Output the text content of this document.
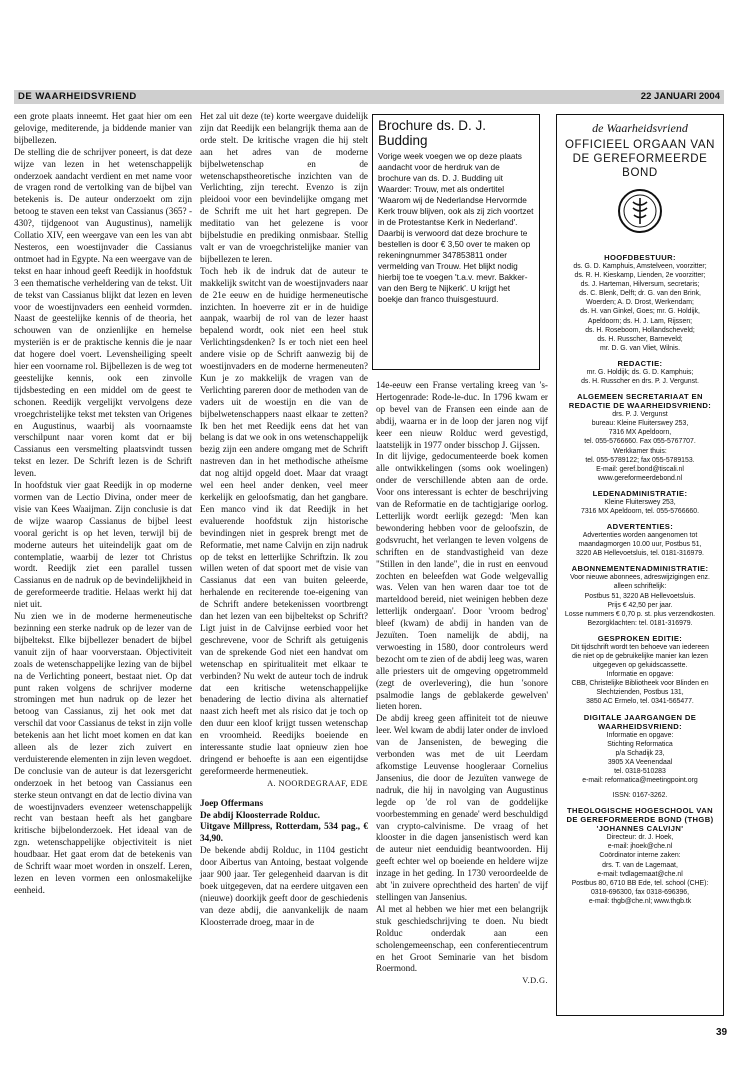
DE WAARHEIDSVRIEND	22 JANUARI 2004

een grote plaats inneemt. Het gaat hier om een gelovige, mediterende, ja biddende manier van bijbellezen.

De stelling die de schrijver poneert, is dat deze wijze van lezen in het wetenschappelijk onderzoek aandacht verdient en met name voor de vragen rond de vertolking van de bijbel van betekenis is. De auteur onderzoekt om zijn betoog te staven een tekst van Cassianus (365? - 430?, tijdgenoot van Augustinus), namelijk Collatio XIV, een weergave van een les van abt Nesteros, een woestijnvader die Cassianus ontmoet had in Egypte. Na een weergave van de tekst en haar inhoud geeft Reedijk in hoofdstuk 3 een thematische verheldering van de tekst. Uit de tekst van Cassianus blijkt dat lezen en leven voor de woestijnvaders een eenheid vormden. Naast de geestelijke kennis of de theoria, het schouwen van de onzienlijke en hemelse mysteriën is er de praktische kennis die je naar dat hogere doel voert. Levensheiliging speelt hier een voorname rol. Bijbellezen is de weg tot geestelijke kennis, ook een zinvolle tijdsbesteding en een middel om de geest te schonen. Reedijk vergelijkt vervolgens deze vroegchristelijke tekst met teksten van Origenes en Augustinus, waarbij als voornaamste verschilpunt naar voren komt dat er bij Cassianus een versmelting plaatsvindt tussen tekst en lezer. De Schrift lezen is de Schrift leven.

In hoofdstuk vier gaat Reedijk in op moderne vormen van de Lectio Divina, onder meer de visie van Kees Waaijman. Zijn conclusie is dat de wijze waarop Cassianus de bijbel leest vooral gericht is op het leven, terwijl bij de moderne auteurs het uiteindelijk gaat om de contemplatie, waarbij de lezer tot Christus wordt. Reedijk ziet een parallel tussen Cassianus en de nadruk op de bevindelijkheid in de gereformeerde traditie. Helaas werkt hij dat niet uit.

Nu zien we in de moderne hermeneutische bezinning een sterke nadruk op de lezer van de bijbeltekst. Elke bijbellezer benadert de bijbel vanuit zijn of haar voorverstaan. Objectiviteit zoals de wetenschappelijke lezing van de bijbel na de Verlichting poneert, bestaat niet. Op dat punt raken volgens de schrijver moderne stromingen met hun nadruk op de lezer het betoog van Cassianus, zij het ook met dat verschil dat voor Cassianus de tekst in zijn volle betekenis aan het licht moet komen en dat kan alleen als de lezer zich zuivert en verduisterende elementen in zijn leven wegdoet.

De conclusie van de auteur is dat lezersgericht onderzoek in het betoog van Cassianus een sterke steun ontvangt en dat de lectio divina van de woestijnvaders evenzeer wetenschappelijk recht van bestaan heeft als het gangbare kritische bijbelonderzoek. Het ideaal van de zgn. wetenschappelijke objectiviteit is niet houdbaar. Het gaat erom dat de betekenis van de Schrift waar moet worden in onszelf. Leren, lezen en leven vormen een onlosmakelijke eenheid.

Het zal uit deze (te) korte weergave duidelijk zijn dat Reedijk een belangrijk thema aan de orde stelt. De kritische vragen die hij stelt aan het adres van de moderne bijbelwetenschap en de wetenschapstheoretische inzichten van de Verlichting, zijn terecht. Evenzo is zijn pleidooi voor een bevindelijke omgang met de Schrift me uit het hart gegrepen. De meditatio van het gelezene is voor bijbelstudie en prediking onmisbaar. Stellig valt er van de vroegchristelijke manier van bijbellezen te leren.

Toch heb ik de indruk dat de auteur te makkelijk switcht van de woestijnvaders naar de 21e eeuw en de huidige hermeneutische inzichten. In hoeverre zit er in de huidige aanpak, waarbij de rol van de lezer haast bepalend wordt, ook niet een heel stuk Verlichtingsdenken? Is er toch niet een heel andere visie op de Schrift aanwezig bij de woestijnvaders en de moderne hermeneuten? Kun je zo makkelijk de vragen van de Verlichting pareren door de methoden van de vaders uit de woestijn en die van de bijbelwetenschappers naast elkaar te zetten? Ik ben het met Reedijk eens dat het van belang is dat we ook in ons wetenschappelijk bezig zijn een andere omgang met de Schrift nastreven dan in het methodische atheïsme dat nog altijd opgeld doet. Maar dat vraagt wel een heel ander denken, veel meer kerkelijk en geloofsmatig, dan het gangbare. Een manco vind ik dat Reedijk in het evaluerende hoofdstuk zijn historische bevindingen niet in gesprek brengt met de Reformatie, met name Calvijn en zijn nadruk op de tekst en letterlijke Schriftzin. Ik zou willen weten of dat spoort met de visie van Cassianus dat een van buiten geleerde, herhalende en reciterende toe-eigening van de Schrift andere betekenissen voortbrengt dan het lezen van een bijbeltekst op Schrift? Ligt juist in de Calvijnse eerbied voor het geschrevene, voor de Schrift als getuigenis van de sprekende God niet een handvat om wetenschap en spiritualiteit met elkaar te verbinden? Nu wekt de auteur toch de indruk dat een kritische wetenschappelijke benadering de lectio divina als alternatief naast zich heeft met als risico dat je toch op den duur een kloof krijgt tussen wetenschap en vroomheid. Reedijks boeiende en interessante studie laat opnieuw zien hoe dringend er behoefte is aan een eigentijdse gereformeerde hermeneutiek.

A. NOORDEGRAAF, EDE

Joep Offermans

De abdij Kloosterrade Rolduc.

Uitgave Millpress, Rotterdam, 534 pag., € 34,90.

De bekende abdij Rolduc, in 1104 gesticht door Aibertus van Antoing, bestaat volgende jaar 900 jaar. Ter gelegenheid daarvan is dit boek uitgegeven, dat na eerdere uitgaven een (nieuwe) doorkijk geeft door de geschiedenis van deze abdij, die aanvankelijk de naam Kloosterrade droeg, maar in de

Brochure ds. D. J. Budding

Vorige week voegen we op deze plaats aandacht voor de herdruk van de brochure van ds. D. J. Budding uit Waarder: Trouw, met als ondertitel 'Waarom wij de Nederlandse Hervormde Kerk trouw blijven, ook als zij zich voortzet in de Protestantse Kerk in Nederland'. Daarbij is verwoord dat deze brochure te bestellen is door € 3,50 over te maken op rekeningnummer 347853811 onder vermelding van Trouw. Het blijkt nodig hierbij toe te voegen 't.a.v. mevr. Bakker-van den Berg te Nijkerk'. U krijgt het boekje dan franco thuisgestuurd.

14e-eeuw een Franse vertaling kreeg van 's-Hertogenrade: Rode-le-duc. In 1796 kwam er op bevel van de Fransen een einde aan de abdij, waarna er in de loop der jaren nog vijf keer een nieuw Rolduc werd gevestigd, laatstelijk in 1977 onder bisschop J. Gijssen.

In dit lijvige, gedocumenteerde boek komen alle ontwikkelingen (soms ook woelingen) onder de verschillende abten aan de orde. Voor ons interessant is echter de beschrijving van de Reformatie en de tachtigjarige oorlog. Letterlijk wordt eerlijk gezegd: 'Men kan bewondering hebben voor de geloofszin, de godsvrucht, het verlangen te leven volgens de schriften en de standvastigheid van deze "Stillen in den lande", die in rust en eenvoud zochten en beleefden wat Gode welgevallig was. Velen van hen waren daar toe tot de marteldood bereid, niet weinigen hebben deze letterlijk ondergaan'. Door 'vroom bedrog' bleef (kwam) de abdij in handen van de Jezuïten. Toen namelijk de abdij, na verwoesting in 1580, door controleurs werd bezocht om te zien of de abdij leeg was, waren alle priesters uit de omgeving opgetrommeld (zegt de overlevering), die hun 'sonore psalmodie langs de geblakerde gewelven' lieten horen.

De abdij kreeg geen affiniteit tot de nieuwe leer. Wel kwam de abdij later onder de invloed van de Jansenisten, de beweging die verbonden was met de uit Leerdam afkomstige Leuvense hoogleraar Cornelius Jansenius, die door de Jezuïten vanwege de nadruk, die hij in navolging van Augustinus legde op 'de rol van de goddelijke voorbestemming en genade' werd beschuldigd van crypto-calvinisme. De vraag of het klooster in die dagen jansenistisch werd kan de auteur niet eenduidig beantwoorden. Hij geeft echter wel op boeiende en heldere wijze inzage in het geding. In 1730 veroordeelde de abt 'in zuivere oprechtheid des harten' de vijf stellingen van Jansenius.

Al met al hebben we hier met een belangrijk stuk geschiedschrijving te doen. Nu biedt Rolduc onderdak aan een scholengemeenschap, een conferentiecentrum en het Groot Seminarie van het bisdom Roermond.

V.D.G.

de Waarheidsvriend
OFFICIEEL ORGAAN VAN DE GEREFORMEERDE BOND
HOOFDBESTUUR:
ds. G. D. Kamphuis, Amstelveen, voorzitter;
ds. R. H. Kieskamp, Lienden, 2e voorzitter;
ds. J. Harteman, Hilversum, secretaris;
ds. C. Blenk, Delft; dr. G. van den Brink,
Woerden; A. D. Drost, Werkendam;
ds. H. van Ginkel, Goes; mr. G. Holdijk,
Apeldoorn; ds. H. J. Lam, Rijssen;
ds. H. Roseboom, Hollandscheveld;
ds. H. Russcher, Barneveld;
mr. D. G. van Vliet, Wilnis.
REDACTIE:
mr. G. Holdijk; ds. G. D. Kamphuis;
ds. H. Russcher en drs. P. J. Vergunst.
ALGEMEEN SECRETARIAAT EN REDACTIE DE WAARHEIDSVRIEND:
drs. P. J. Vergunst
bureau: Kleine Fluiterswey 253,
7316 MX Apeldoorn,
tel. 055-5766660. Fax 055-5767707.
Werkkamer thuis:
tel. 055-5789122; fax 055-5789153.
E-mail: geref.bond@tiscali.nl
www.gereformeerdebond.nl
LEDENADMINISTRATIE:
Kleine Fluiterswey 253,
7316 MX Apeldoorn, tel. 055-5766660.
ADVERTENTIES:
Advertenties worden aangenomen tot
maandagmorgen 10.00 uur, Postbus 51,
3220 AB Hellevoetsluis, tel. 0181-316979.
ABONNEMENTENADMINISTRATIE:
Voor nieuwe abonnees, adreswijzigingen enz.
alleen schriftelijk:
Postbus 51, 3220 AB Hellevoetsluis.
Prijs € 42,50 per jaar.
Losse nummers € 0,70 p. st. plus verzendkosten. Bezorgklachten: tel. 0181-316979.
GESPROKEN EDITIE:
Dit tijdschrift wordt ten behoeve van iedereen
die niet op de gebruikelijke manier kan lezen
uitgegeven op geluidscassette.
Informatie en opgave:
CBB, Christelijke Bibliotheek voor Blinden en
Slechtzienden, Postbus 131,
3850 AC Ermelo, tel. 0341-565477.
DIGITALE JAARGANGEN DE WAARHEIDSVRIEND:
Informatie en opgave:
Stichting Reformatica
p/a Schadijk 23,
3905 XA Veenendaal
tel. 0318-510283
e-mail: reformatica@meetingpoint.org
ISSN: 0167-3262.
THEOLOGISCHE HOGESCHOOL VAN DE GEREFORMEERDE BOND (THGB) 'JOHANNES CALVIJN'
Directeur: dr. J. Hoek,
e-mail: jhoek@che.nl
Coördinator interne zaken:
drs. T. van de Lagemaat,
e-mail: tvdlagemaat@che.nl
Postbus 80, 6710 BB Ede, tel. school (CHE):
0318-696300, fax 0318-696396,
e-mail: thgb@che.nl; www.thgb.tk
39
